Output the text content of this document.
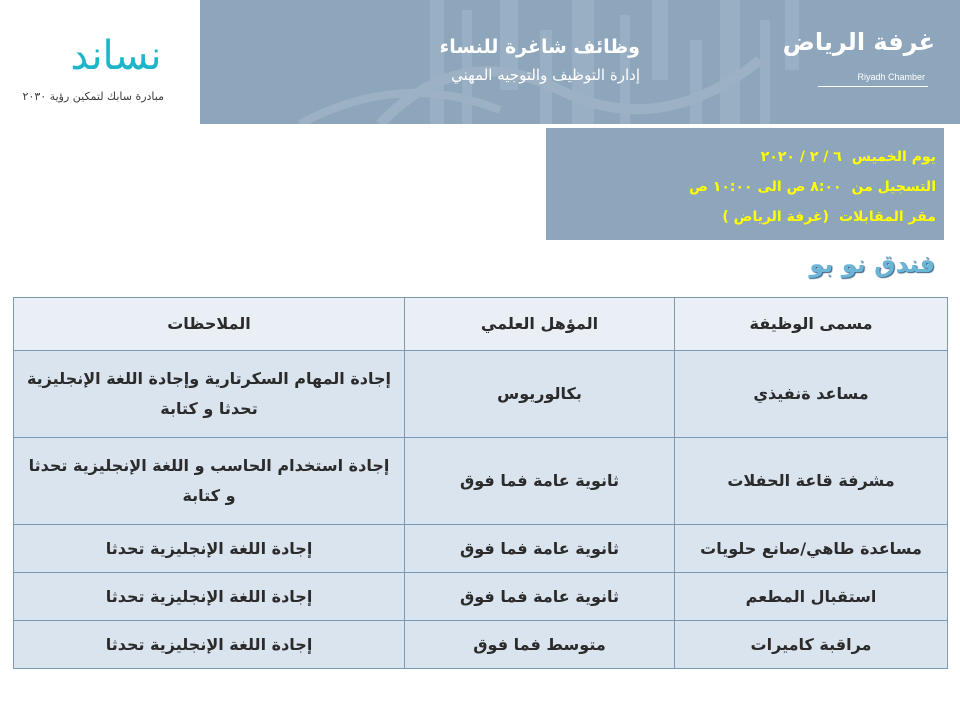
نساند
مبادرة سابك لتمكين رؤية ٢٠٣٠
وظائف شاغرة للنساء
إدارة التوظيف والتوجيه المهني
غرفة الرياض
Riyadh Chamber
يوم الخميس٦ / ٢ / ٢٠٢٠
التسجيل من٨:٠٠ ص الى ١٠:٠٠ ص
مقر المقابلات(غرفة الرياض )
فندق نو بو
مسمى الوظيفة	المؤهل العلمي	الملاحظات
مساعد ةنفيذي	بكالوريوس	إجادة المهام السكرتارية وإجادة اللغة الإنجليزية تحدثا و كتابة
مشرفة قاعة الحفلات	ثانوية عامة فما فوق	إجادة استخدام الحاسب و اللغة الإنجليزية تحدثا و كتابة
مساعدة طاهي/صانع حلويات	ثانوية عامة فما فوق	إجادة اللغة الإنجليزية تحدثا
استقبال المطعم	ثانوية عامة فما فوق	إجادة اللغة الإنجليزية تحدثا
مراقبة كاميرات	متوسط فما فوق	إجادة اللغة الإنجليزية تحدثا
